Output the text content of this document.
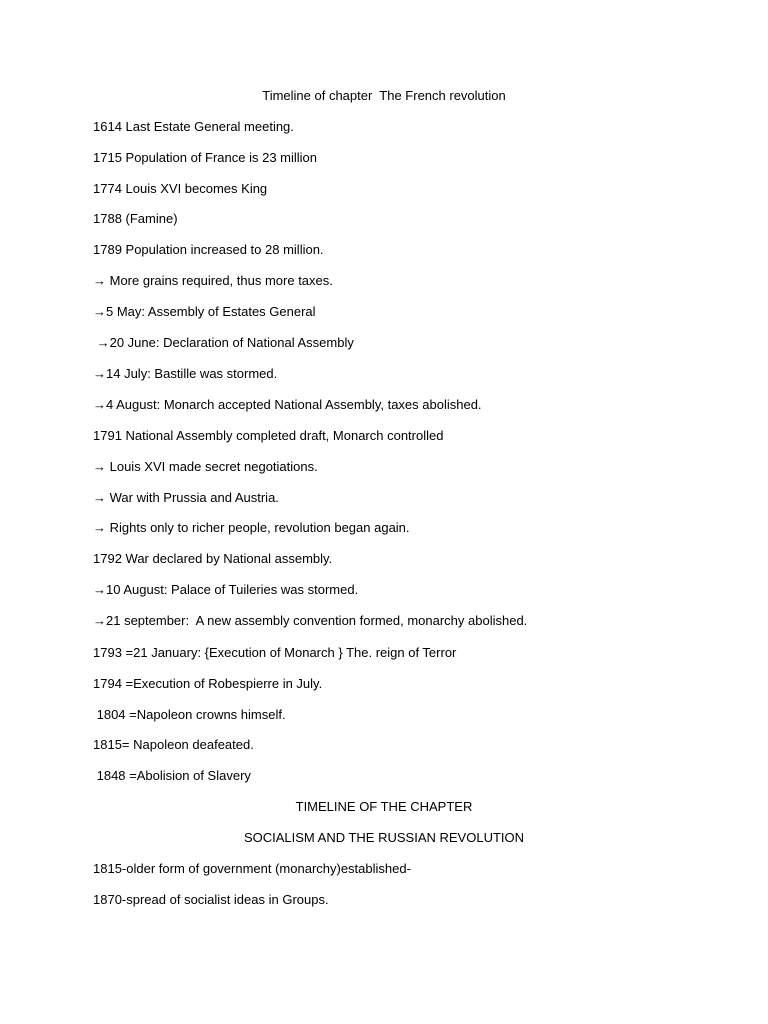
Timeline of chapter  The French revolution
1614 Last Estate General meeting.
1715 Population of France is 23 million
1774 Louis XVI becomes King
1788 (Famine)
1789 Population increased to 28 million.
→ More grains required, thus more taxes.
→5 May: Assembly of Estates General
→20 June: Declaration of National Assembly
→14 July: Bastille was stormed.
→4 August: Monarch accepted National Assembly, taxes abolished.
1791 National Assembly completed draft, Monarch controlled
→ Louis XVI made secret negotiations.
→ War with Prussia and Austria.
→ Rights only to richer people, revolution began again.
1792 War declared by National assembly.
→10 August: Palace of Tuileries was stormed.
→21 september:  A new assembly convention formed, monarchy abolished.
1793 =21 January: {Execution of Monarch } The. reign of Terror
1794 =Execution of Robespierre in July.
1804 =Napoleon crowns himself.
1815= Napoleon deafeated.
1848 =Abolision of Slavery
TIMELINE OF THE CHAPTER
SOCIALISM AND THE RUSSIAN REVOLUTION
1815-older form of government (monarchy)established-
1870-spread of socialist ideas in Groups.
